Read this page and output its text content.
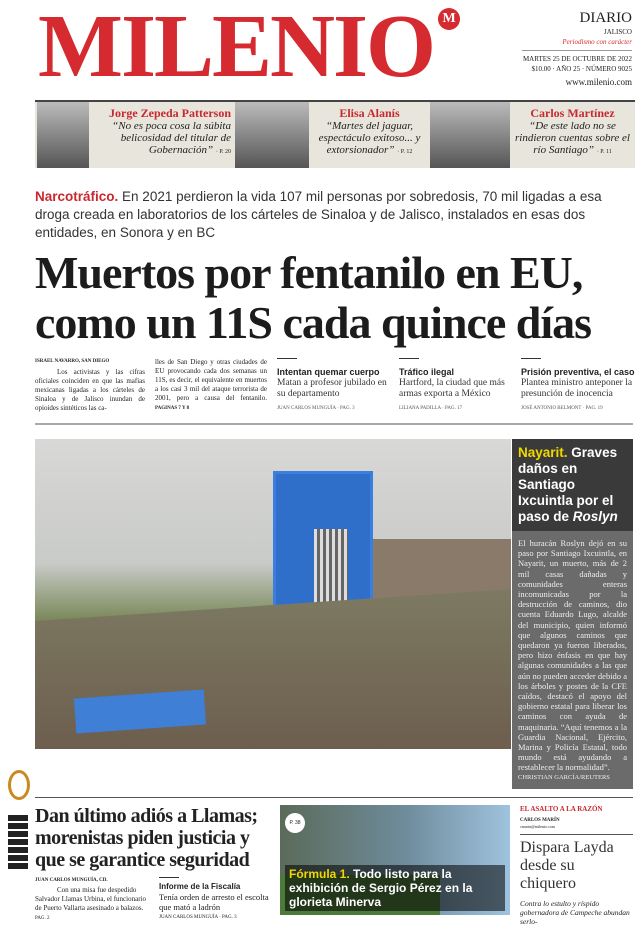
MILENIO M	DIARIO
JALISCO
Periodismo con carácter
MARTES 25 DE OCTUBRE DE 2022
$10.00 · AÑO 25 · NÚMERO 9025
www.milenio.com
Jorge Zepeda Patterson
“No es poca cosa la súbita belicosidad del titular de Gobernación” · P. 20
Elisa Alanís
“Martes del jaguar, espectáculo exitoso... y extorsionador” · P. 12
Carlos Martínez
“De este lado no se rindieron cuentas sobre el río Santiago” · P. 11
Narcotráfico. En 2021 perdieron la vida 107 mil personas por sobredosis, 70 mil ligadas a esa droga creada en laboratorios de los cárteles de Sinaloa y de Jalisco, instalados en esas dos entidades, en Sonora y en BC
Muertos por fentanilo en EU,
como un 11S cada quince días
ISRAEL NAVARRO, SAN DIEGO
Los activistas y las cifras oficiales coinciden en que las mafias mexicanas ligadas a los cárteles de Sinaloa y de Jalisco inundan de opioides sintéticos las ca-
lles de San Diego y otras ciudades de EU provocando cada dos semanas un 11S, es decir, el equivalente en muertos a los casi 3 mil del ataque terrorista de 2001, pero a causa del fentanilo. PAGINAS 7 Y 8
Intentan quemar cuerpo
Matan a profesor jubilado en su departamento
JUAN CARLOS MUNGUÍA · PAG. 3
Tráfico ilegal
Hartford, la ciudad que más armas exporta a México
LILIANA PADILLA · PAG. 17
Prisión preventiva, el caso
Plantea ministro anteponer la presunción de inocencia
JOSÉ ANTONIO BELMONT · PAG. 19
Nayarit. Graves daños en Santiago Ixcuintla por el paso de Roslyn
El huracán Roslyn dejó en su paso por Santiago Ixcuintla, en Nayarit, un muerto, más de 2 mil casas dañadas y comunidades enteras incomunicadas por la destrucción de caminos, dio cuenta Eduardo Lugo, alcalde del municipio, quien informó que algunos caminos que quedaron ya fueron liberados, pero hizo énfasis en que hay algunas comunidades a las que aún no pueden acceder debido a los árboles y postes de la CFE caídos, destacó el apoyo del gobierno estatal para liberar los caminos con ayuda de maquinaria. “Aquí tenemos a la Guardia Nacional, Ejército, Marina y Policía Estatal, todo mundo está ayudando a restablecer la normalidad”.
CHRISTIAN GARCÍA/REUTERS
Dan último adiós a Llamas; morenistas piden justicia y que se garantice seguridad
JUAN CARLOS MUNGUÍA, CD.
Con una misa fue despedido Salvador Llamas Urbina, el funcionario de Puerto Vallarta asesinado a balazos. PAG. 2
Informe de la Fiscalía
Tenía orden de arresto el escolta que mató a ladrón
JUAN CARLOS MUNGUÍA · PAG. 3
P. 38
Fórmula 1. Todo listo para la exhibición de Sergio Pérez en la glorieta Minerva
EL ASALTO A LA RAZÓN
CARLOS MARÍN
cmarin@milenio.com
Dispara Layda desde su chiquero
Contra lo estulto y ríspido gobernadora de Campeche abundan serlo-
